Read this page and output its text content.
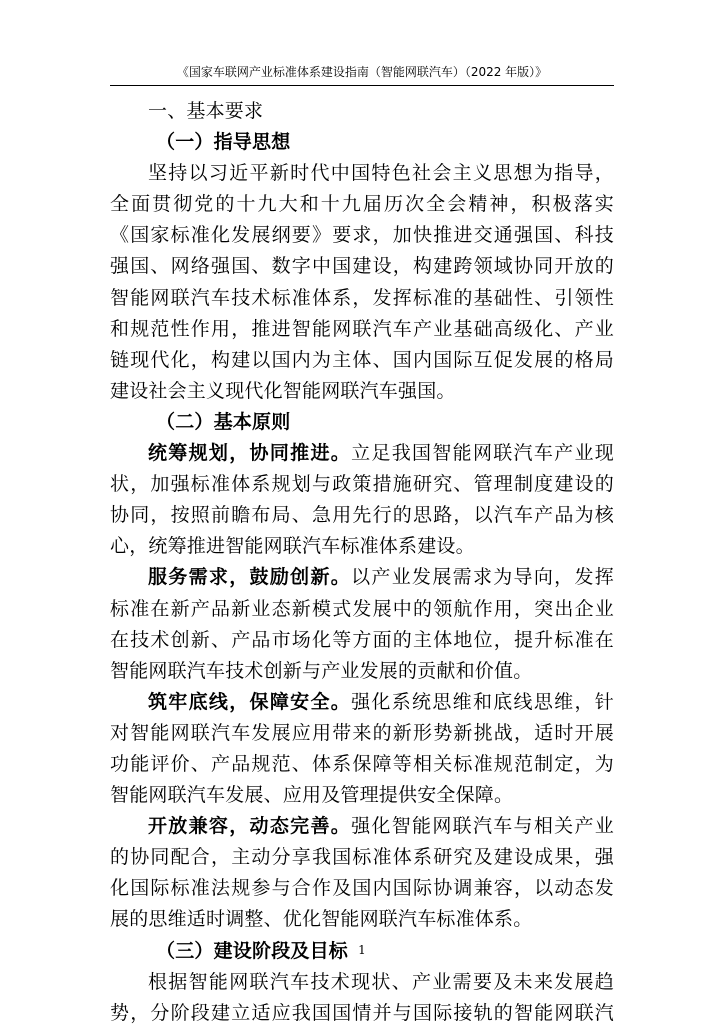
《国家车联网产业标准体系建设指南（智能网联汽车）（2022 年版）》
一、基本要求
（一）指导思想
坚持以习近平新时代中国特色社会主义思想为指导，
全面贯彻党的十九大和十九届历次全会精神，积极落实
《国家标准化发展纲要》要求，加快推进交通强国、科技
强国、网络强国、数字中国建设，构建跨领域协同开放的
智能网联汽车技术标准体系，发挥标准的基础性、引领性
和规范性作用，推进智能网联汽车产业基础高级化、产业
链现代化，构建以国内为主体、国内国际互促发展的格局
建设社会主义现代化智能网联汽车强国。
（二）基本原则
统筹规划，协同推进。立足我国智能网联汽车产业现
状，加强标准体系规划与政策措施研究、管理制度建设的
协同，按照前瞻布局、急用先行的思路，以汽车产品为核
心，统筹推进智能网联汽车标准体系建设。
服务需求，鼓励创新。以产业发展需求为导向，发挥
标准在新产品新业态新模式发展中的领航作用，突出企业
在技术创新、产品市场化等方面的主体地位，提升标准在
智能网联汽车技术创新与产业发展的贡献和价值。
筑牢底线，保障安全。强化系统思维和底线思维，针
对智能网联汽车发展应用带来的新形势新挑战，适时开展
功能评价、产品规范、体系保障等相关标准规范制定，为
智能网联汽车发展、应用及管理提供安全保障。
开放兼容，动态完善。强化智能网联汽车与相关产业
的协同配合，主动分享我国标准体系研究及建设成果，强
化国际标准法规参与合作及国内国际协调兼容，以动态发
展的思维适时调整、优化智能网联汽车标准体系。
（三）建设阶段及目标
根据智能网联汽车技术现状、产业需要及未来发展趋
势，分阶段建立适应我国国情并与国际接轨的智能网联汽
1
